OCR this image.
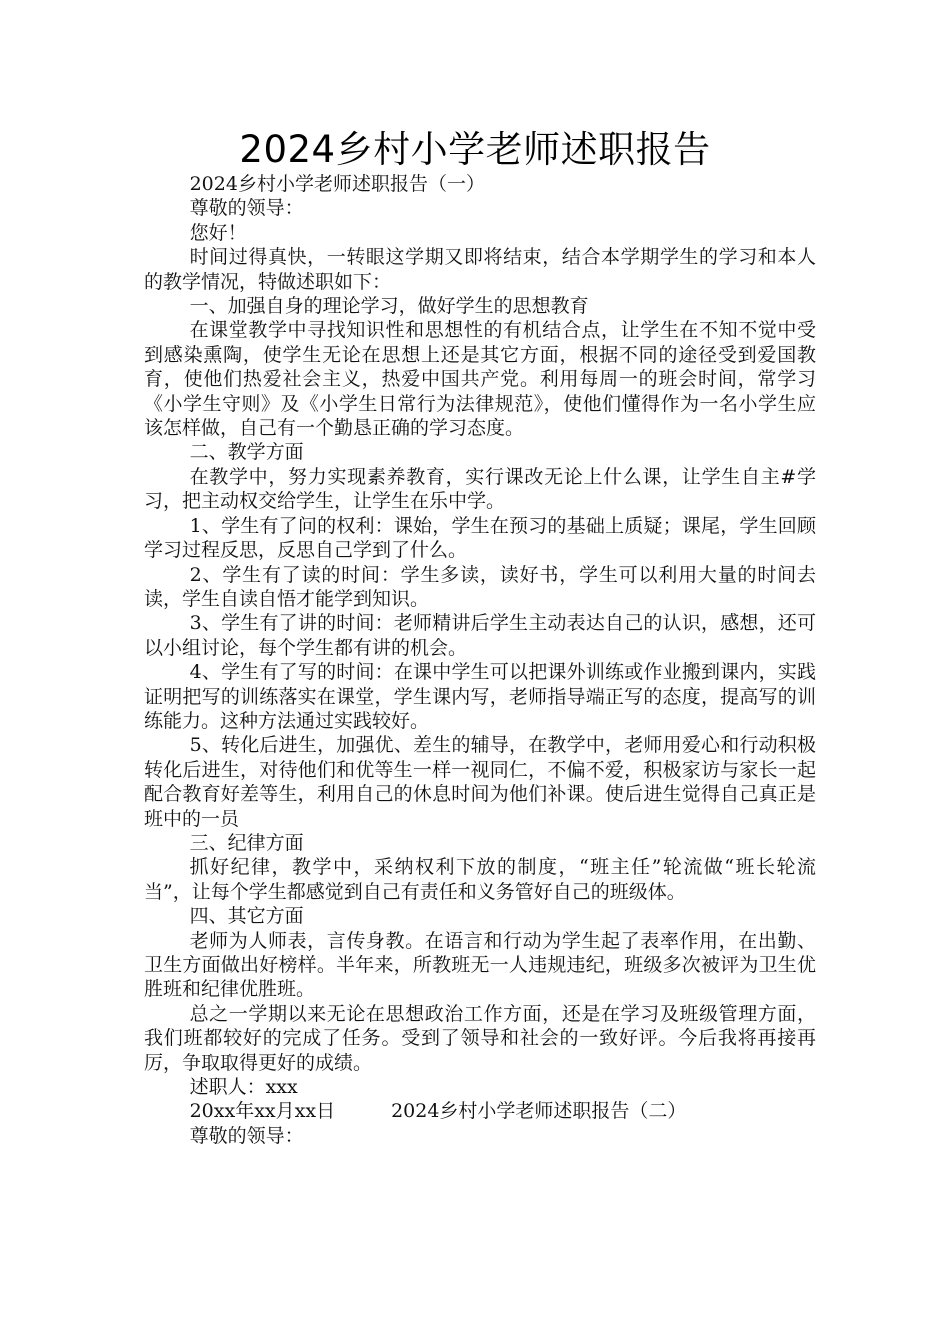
2024乡村小学老师述职报告

2024乡村小学老师述职报告（一）

尊敬的领导：

您好！

时间过得真快，一转眼这学期又即将结束，结合本学期学生的学习和本人的教学情况，特做述职如下：

一、加强自身的理论学习，做好学生的思想教育

在课堂教学中寻找知识性和思想性的有机结合点，让学生在不知不觉中受到感染熏陶，使学生无论在思想上还是其它方面，根据不同的途径受到爱国教育，使他们热爱社会主义，热爱中国共产党。利用每周一的班会时间，常学习《小学生守则》及《小学生日常行为法律规范》，使他们懂得作为一名小学生应该怎样做，自己有一个勤恳正确的学习态度。

二、教学方面

在教学中，努力实现素养教育，实行课改无论上什么课，让学生自主#学习，把主动权交给学生，让学生在乐中学。

1、学生有了问的权利：课始，学生在预习的基础上质疑；课尾，学生回顾学习过程反思，反思自己学到了什么。

2、学生有了读的时间：学生多读，读好书，学生可以利用大量的时间去读，学生自读自悟才能学到知识。

3、学生有了讲的时间：老师精讲后学生主动表达自己的认识，感想，还可以小组讨论，每个学生都有讲的机会。

4、学生有了写的时间：在课中学生可以把课外训练或作业搬到课内，实践证明把写的训练落实在课堂，学生课内写，老师指导端正写的态度，提高写的训练能力。这种方法通过实践较好。

5、转化后进生，加强优、差生的辅导，在教学中，老师用爱心和行动积极转化后进生，对待他们和优等生一样一视同仁，不偏不爱，积极家访与家长一起配合教育好差等生，利用自己的休息时间为他们补课。使后进生觉得自己真正是班中的一员

三、纪律方面

抓好纪律，教学中，采纳权利下放的制度，“班主任”轮流做“班长轮流当”，让每个学生都感觉到自己有责任和义务管好自己的班级体。

四、其它方面

老师为人师表，言传身教。在语言和行动为学生起了表率作用，在出勤、卫生方面做出好榜样。半年来，所教班无一人违规违纪，班级多次被评为卫生优胜班和纪律优胜班。

总之一学期以来无论在思想政治工作方面，还是在学习及班级管理方面，我们班都较好的完成了任务。受到了领导和社会的一致好评。今后我将再接再厉，争取取得更好的成绩。

述职人：xxx

20xx年xx月xx日	2024乡村小学老师述职报告（二）

尊敬的领导：
